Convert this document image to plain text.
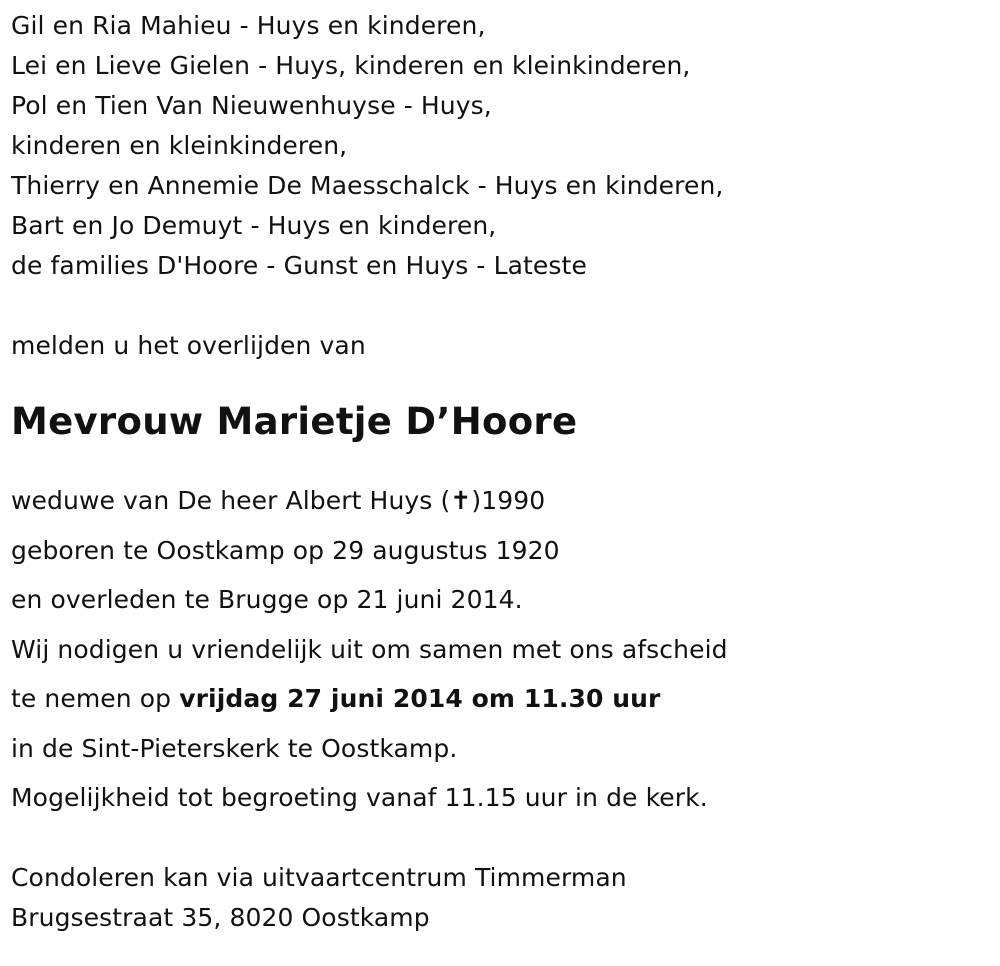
Gil en Ria Mahieu - Huys en kinderen,
Lei en Lieve Gielen - Huys, kinderen en kleinkinderen,
Pol en Tien Van Nieuwenhuyse - Huys,
kinderen en kleinkinderen,
Thierry en Annemie De Maesschalck - Huys en kinderen,
Bart en Jo Demuyt - Huys en kinderen,
de families D'Hoore - Gunst en Huys - Lateste
melden u het overlijden van
Mevrouw Marietje D’Hoore
weduwe van De heer Albert Huys (✝)1990
geboren te Oostkamp op 29 augustus 1920
en overleden te Brugge op 21 juni 2014.
Wij nodigen u vriendelijk uit om samen met ons afscheid
te nemen op vrijdag 27 juni 2014 om 11.30 uur
in de Sint-Pieterskerk te Oostkamp.
Mogelijkheid tot begroeting vanaf 11.15 uur in de kerk.
Condoleren kan via uitvaartcentrum Timmerman
Brugsestraat 35, 8020 Oostkamp
